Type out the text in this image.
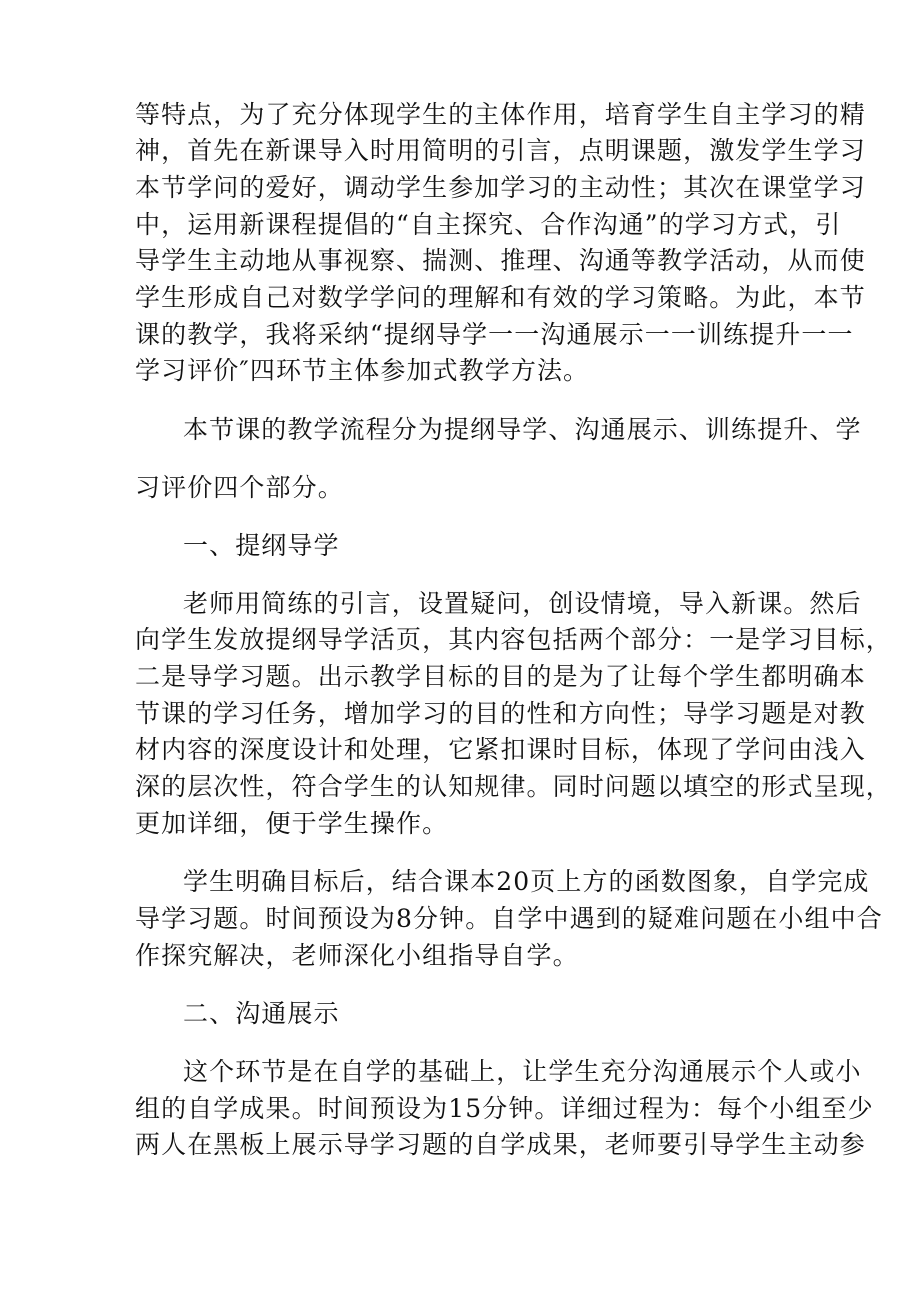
等特点，为了充分体现学生的主体作用，培育学生自主学习的精
神，首先在新课导入时用简明的引言，点明课题，激发学生学习
本节学问的爱好，调动学生参加学习的主动性；其次在课堂学习
中，运用新课程提倡的“自主探究、合作沟通”的学习方式，引
导学生主动地从事视察、揣测、推理、沟通等教学活动，从而使
学生形成自己对数学学问的理解和有效的学习策略。为此，本节
课的教学，我将采纳“提纲导学一一沟通展示一一训练提升一一
学习评价″四环节主体参加式教学方法。
本节课的教学流程分为提纲导学、沟通展示、训练提升、学
习评价四个部分。
一、提纲导学
老师用简练的引言，设置疑问，创设情境，导入新课。然后
向学生发放提纲导学活页，其内容包括两个部分：一是学习目标，
二是导学习题。出示教学目标的目的是为了让每个学生都明确本
节课的学习任务，增加学习的目的性和方向性；导学习题是对教
材内容的深度设计和处理，它紧扣课时目标，体现了学问由浅入
深的层次性，符合学生的认知规律。同时问题以填空的形式呈现，
更加详细，便于学生操作。
学生明确目标后，结合课本20页上方的函数图象，自学完成
导学习题。时间预设为8分钟。自学中遇到的疑难问题在小组中合
作探究解决，老师深化小组指导自学。
二、沟通展示
这个环节是在自学的基础上，让学生充分沟通展示个人或小
组的自学成果。时间预设为15分钟。详细过程为：每个小组至少
两人在黑板上展示导学习题的自学成果，老师要引导学生主动参
